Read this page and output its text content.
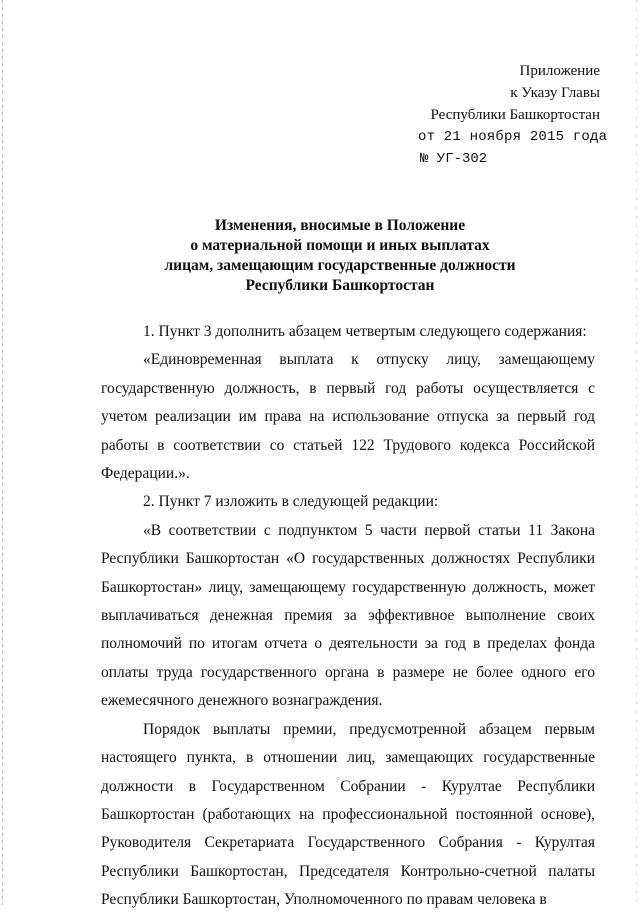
Приложение
к Указу Главы
Республики Башкортостан
от 21 ноября 2015 года
№ УГ-302
Изменения, вносимые в Положение
о материальной помощи и иных выплатах
лицам, замещающим государственные должности
Республики Башкортостан

1. Пункт 3 дополнить абзацем четвертым следующего содержания:

«Единовременная выплата к отпуску лицу, замещающему государственную должность, в первый год работы осуществляется с учетом реализации им права на использование отпуска за первый год работы в соответствии со статьей 122 Трудового кодекса Российской Федерации.».

2. Пункт 7 изложить в следующей редакции:

«В соответствии с подпунктом 5 части первой статьи 11 Закона Республики Башкортостан «О государственных должностях Республики Башкортостан» лицу, замещающему государственную должность, может выплачиваться денежная премия за эффективное выполнение своих полномочий по итогам отчета о деятельности за год в пределах фонда оплаты труда государственного органа в размере не более одного его ежемесячного денежного вознаграждения.

Порядок выплаты премии, предусмотренной абзацем первым настоящего пункта, в отношении лиц, замещающих государственные должности в Государственном Собрании - Курултае Республики Башкортостан (работающих на профессиональной постоянной основе), Руководителя Секретариата Государственного Собрания - Курултая Республики Башкортостан, Председателя Контрольно-счетной палаты Республики Башкортостан, Уполномоченного по правам человека в
